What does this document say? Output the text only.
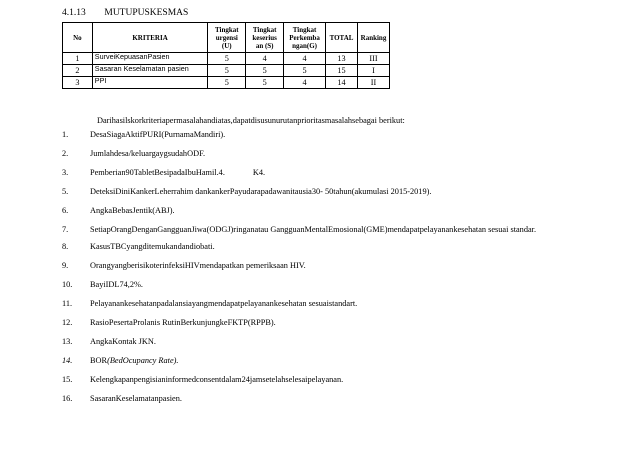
4.1.13 MUTUPUSKESMAS
No	KRITERIA	Tingkat urgensi (U)	Tingkat keserius an (S)	Tingkat Perkemba ngan(G)	TOTAL	Ranking
1	SurveiKepuasanPasien	5	4	4	13	III
2	Sasaran Keselamatan pasien	5	5	5	15	I
3	PPI	5	5	4	14	II
Darihasilskorkriteriapermasalahandiatas,dapatdisusunurutanprioritasmasalahsebagai berikut:
1.	DesaSiagaAktifPURI(PurnamaMandiri).
2.	Jumlahdesa/keluargaygsudahODF.
3.	Pemberian90TabletBesipadaIbuHamil.4.	K4.
5.	DeteksiDiniKankerLeherrahim dankankerPayudarapadawanitausia30- 50tahun(akumulasi 2015-2019).
6.	AngkaBebasJentik(ABJ).
7.	SetiapOrangDenganGangguanJiwa(ODGJ)ringanatau GangguanMentalEmosional(GME)mendapatpelayanankesehatan sesuai standar.
8.	KasusTBCyangditemukandandiobati.
9.	OrangyangberisikoterinfeksiHIVmendapatkan pemeriksaan HIV.
10.	BayiIDL74,2%.
11.	Pelayanankesehatanpadalansiayangmendapatpelayanankesehatan sesuaistandart.
12.	RasioPesertaProlanis RutinBerkunjungkeFKTP(RPPB).
13.	AngkaKontak JKN.
14.	BOR(BedOcupancy Rate).
15.	Kelengkapanpengisianinformedconsentdalam24jamsetelahselesaipelayanan.
16.	SasaranKeselamatanpasien.
